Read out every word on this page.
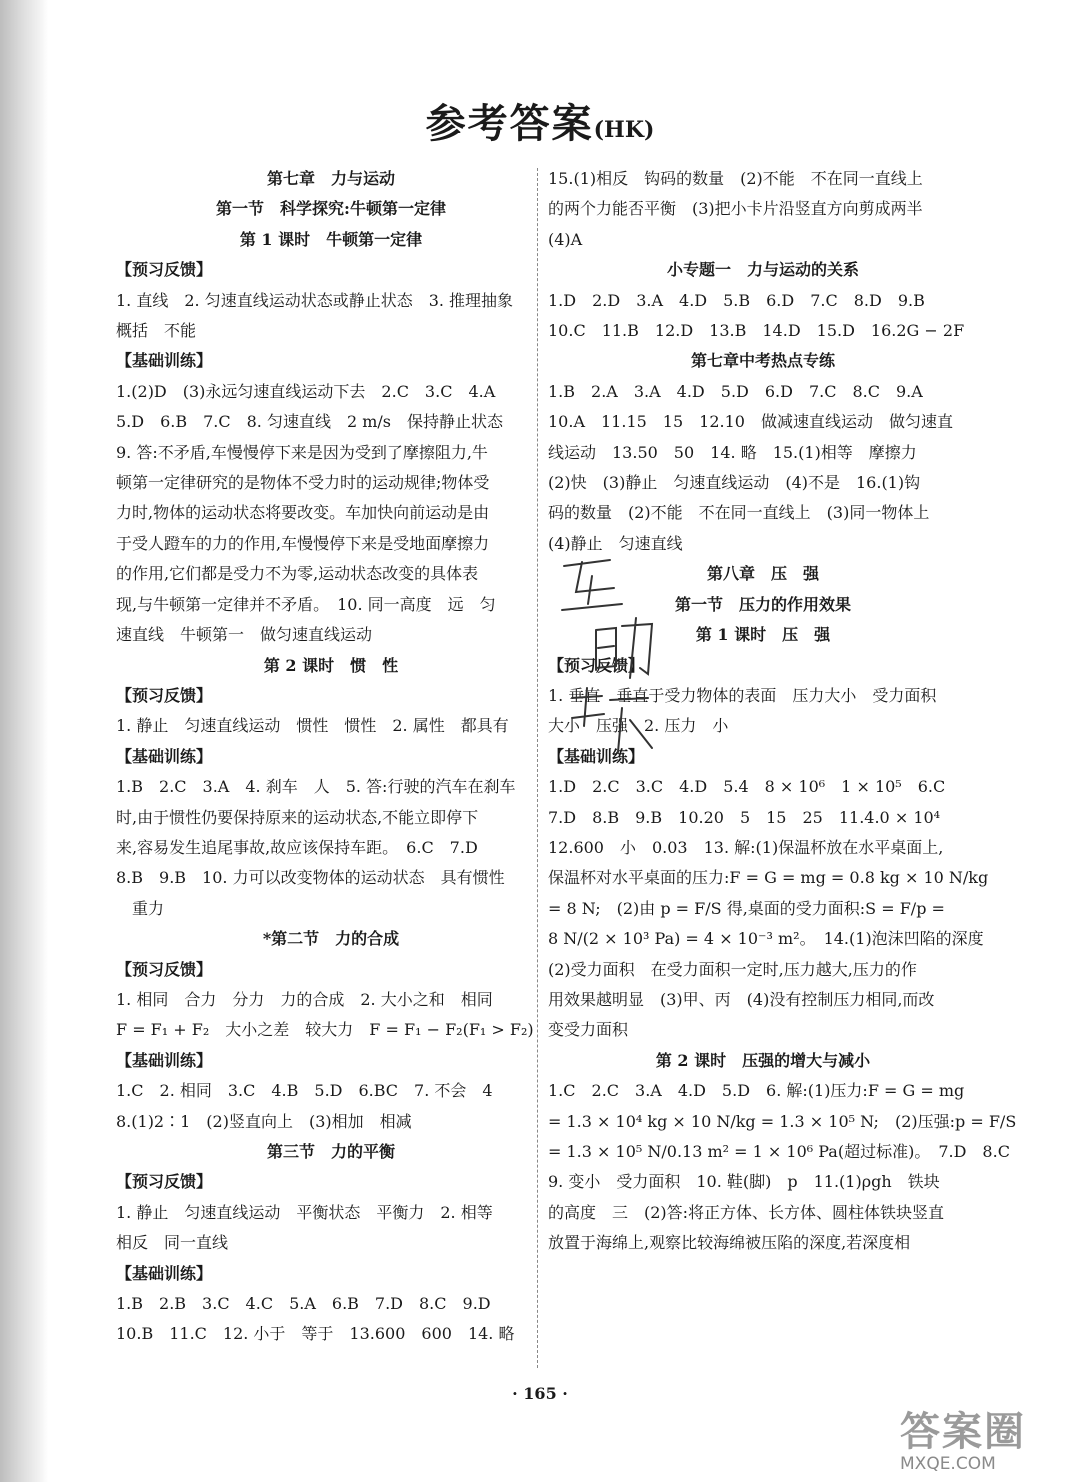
参考答案(HK)
第七章　力与运动
第一节　科学探究:牛顿第一定律
第 1 课时　牛顿第一定律
【预习反馈】
1. 直线　2. 匀速直线运动状态或静止状态　3. 推理抽象
概括　不能
【基础训练】
1.(2)D　(3)永远匀速直线运动下去　2.C　3.C　4.A
5.D　6.B　7.C　8. 匀速直线　2 m/s　保持静止状态
9. 答:不矛盾,车慢慢停下来是因为受到了摩擦阻力,牛
顿第一定律研究的是物体不受力时的运动规律;物体受
力时,物体的运动状态将要改变。车加快向前运动是由
于受人蹬车的力的作用,车慢慢停下来是受地面摩擦力
的作用,它们都是受力不为零,运动状态改变的具体表
现,与牛顿第一定律并不矛盾。　10. 同一高度　远　匀
速直线　牛顿第一　做匀速直线运动
第 2 课时　惯　性
【预习反馈】
1. 静止　匀速直线运动　惯性　惯性　2. 属性　都具有
【基础训练】
1.B　2.C　3.A　4. 刹车　人　5. 答:行驶的汽车在刹车
时,由于惯性仍要保持原来的运动状态,不能立即停下
来,容易发生追尾事故,故应该保持车距。　6.C　7.D
8.B　9.B　10. 力可以改变物体的运动状态　具有惯性
　重力
*第二节　力的合成
【预习反馈】
1. 相同　合力　分力　力的合成　2. 大小之和　相同
F = F₁ + F₂　大小之差　较大力　F = F₁ − F₂(F₁ > F₂)
【基础训练】
1.C　2. 相同　3.C　4.B　5.D　6.BC　7. 不会　4
8.(1)2∶1　(2)竖直向上　(3)相加　相减
第三节　力的平衡
【预习反馈】
1. 静止　匀速直线运动　平衡状态　平衡力　2. 相等
相反　同一直线
【基础训练】
1.B　2.B　3.C　4.C　5.A　6.B　7.D　8.C　9.D
10.B　11.C　12. 小于　等于　13.600　600　14. 略
15.(1)相反　钩码的数量　(2)不能　不在同一直线上
的两个力能否平衡　(3)把小卡片沿竖直方向剪成两半
(4)A
小专题一　力与运动的关系
1.D　2.D　3.A　4.D　5.B　6.D　7.C　8.D　9.B
10.C　11.B　12.D　13.B　14.D　15.D　16.2G − 2F
第七章中考热点专练
1.B　2.A　3.A　4.D　5.D　6.D　7.C　8.C　9.A
10.A　11.15　15　12.10　做减速直线运动　做匀速直
线运动　13.50　50　14. 略　15.(1)相等　摩擦力
(2)快　(3)静止　匀速直线运动　(4)不是　16.(1)钩
码的数量　(2)不能　不在同一直线上　(3)同一物体上
(4)静止　匀速直线
第八章　压　强
第一节　压力的作用效果
第 1 课时　压　强
【预习反馈】
1. 垂直　垂直于受力物体的表面　压力大小　受力面积
大小　压强　2. 压力　小
【基础训练】
1.D　2.C　3.C　4.D　5.4　8 × 10⁶　1 × 10⁵　6.C
7.D　8.B　9.B　10.20　5　15　25　11.4.0 × 10⁴
12.600　小　0.03　13. 解:(1)保温杯放在水平桌面上,
保温杯对水平桌面的压力:F = G = mg = 0.8 kg × 10 N/kg
= 8 N;　(2)由 p = F/S 得,桌面的受力面积:S = F/p =
8 N/(2 × 10³ Pa) = 4 × 10⁻³ m²。　14.(1)泡沫凹陷的深度
(2)受力面积　在受力面积一定时,压力越大,压力的作
用效果越明显　(3)甲、丙　(4)没有控制压力相同,而改
变受力面积
第 2 课时　压强的增大与减小
1.C　2.C　3.A　4.D　5.D　6. 解:(1)压力:F = G = mg
= 1.3 × 10⁴ kg × 10 N/kg = 1.3 × 10⁵ N;　(2)压强:p = F/S
= 1.3 × 10⁵ N/0.13 m² = 1 × 10⁶ Pa(超过标准)。　7.D　8.C
9. 变小　受力面积　10. 鞋(脚)　p　11.(1)ρgh　铁块
的高度　三　(2)答:将正方体、长方体、圆柱体铁块竖直
放置于海绵上,观察比较海绵被压陷的深度,若深度相
· 165 ·
答案圈
MXQE.COM
